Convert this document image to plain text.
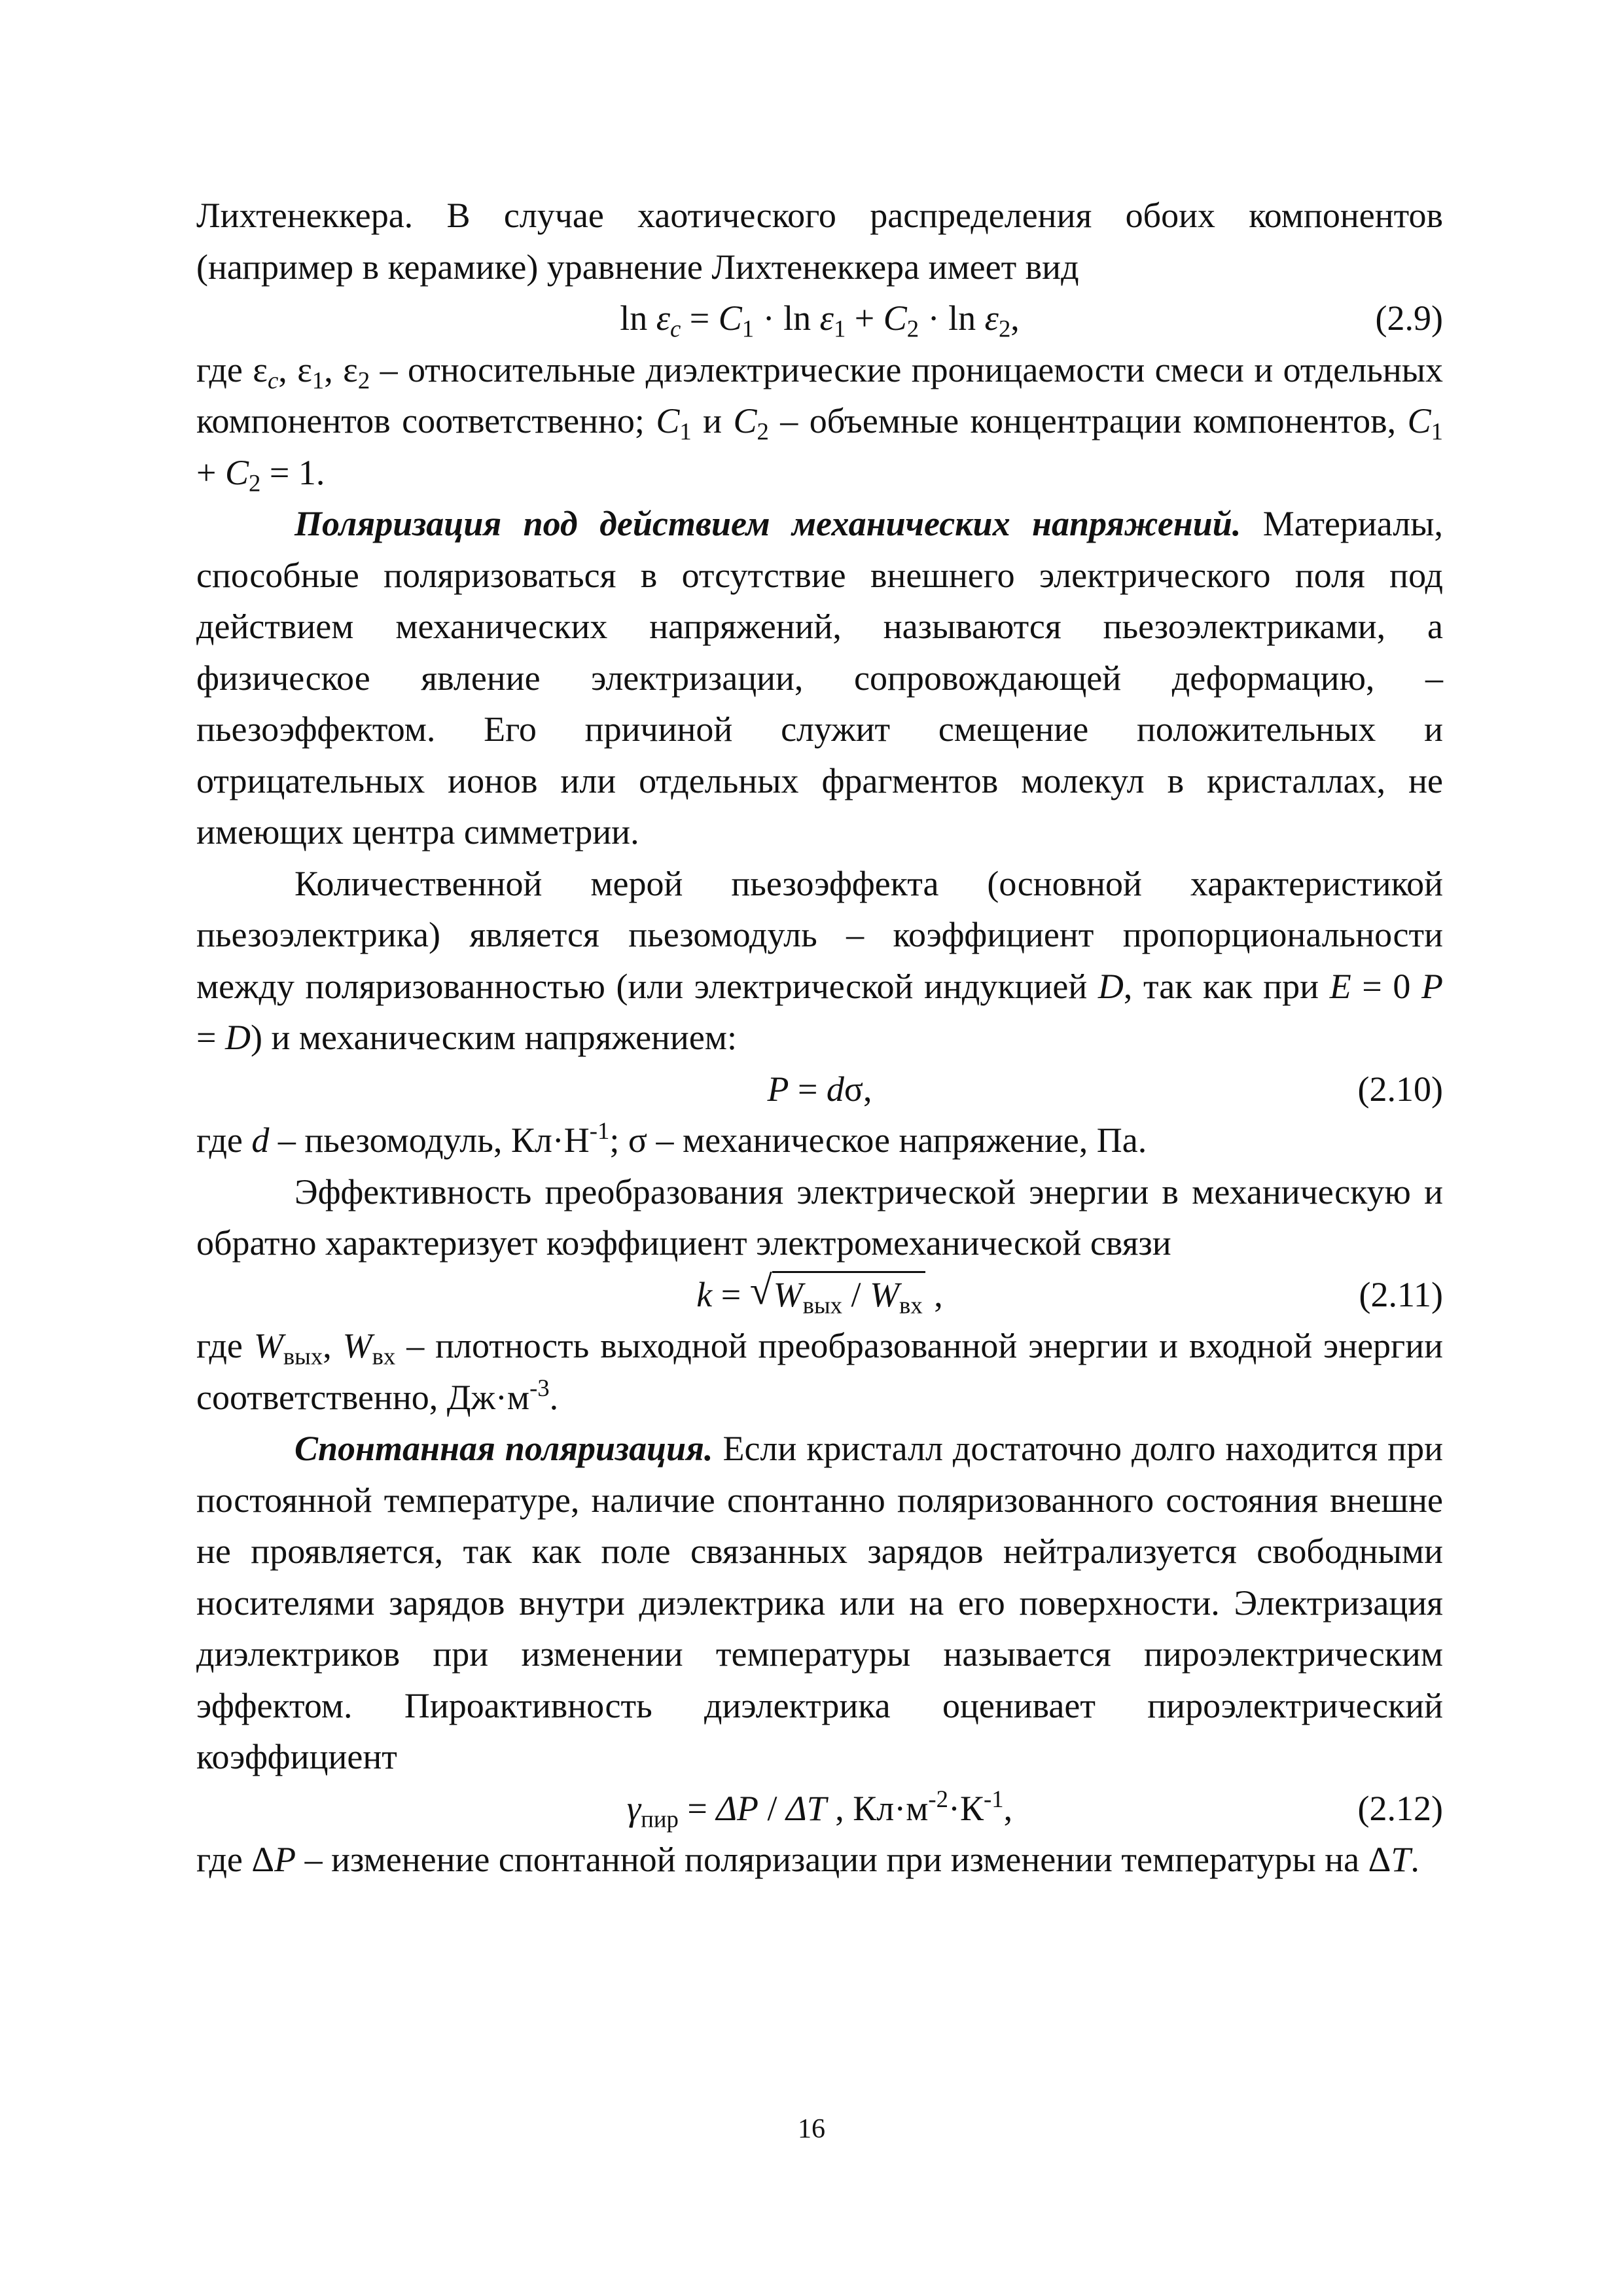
Лихтенеккера. В случае хаотического распределения обоих компонентов (например в керамике) уравнение Лихтенеккера имеет вид

$\ln \varepsilon_c = C_1 \cdot \ln \varepsilon_1 + C_2 \cdot \ln \varepsilon_2$,	(2.9)

где $\varepsilon_c$, $\varepsilon_1$, $\varepsilon_2$ – относительные диэлектрические проницаемости смеси и отдельных компонентов соответственно; $C_1$ и $C_2$ – объемные концентрации компонентов, $C_1 + C_2 = 1$.

Поляризация под действием механических напряжений. Материалы, способные поляризоваться в отсутствие внешнего электрического поля под действием механических напряжений, называются пьезоэлектриками, а физическое явление электризации, сопровождающей деформацию, – пьезоэффектом. Его причиной служит смещение положительных и отрицательных ионов или отдельных фрагментов молекул в кристаллах, не имеющих центра симметрии.

Количественной мерой пьезоэффекта (основной характеристикой пьезоэлектрика) является пьезомодуль – коэффициент пропорциональности между поляризованностью (или электрической индукцией D, так как при E = 0 P = D) и механическим напряжением:

P = dσ,	(2.10)

где d – пьезомодуль, $Кл\cdot Н^{-1}$; σ – механическое напряжение, Па.

Эффективность преобразования электрической энергии в механическую и обратно характеризует коэффициент электромеханической связи

k = √ $W_{вых} / W_{вх}$ ,	(2.11)

где $W_{вых}$, $W_{вх}$ – плотность выходной преобразованной энергии и входной энергии соответственно, $Дж\cdot м^{-3}$.

Спонтанная поляризация. Если кристалл достаточно долго находится при постоянной температуре, наличие спонтанно поляризованного состояния внешне не проявляется, так как поле связанных зарядов нейтрализуется свободными носителями зарядов внутри диэлектрика или на его поверхности. Электризация диэлектриков при изменении температуры называется пироэлектрическим эффектом. Пироактивность диэлектрика оценивает пироэлектрический коэффициент

$\gamma_{пир} = \Delta P / \Delta T$ , $Кл\cdot м^{-2}\cdot К^{-1}$,	(2.12)

где ΔP – изменение спонтанной поляризации при изменении температуры на ΔT.

16
